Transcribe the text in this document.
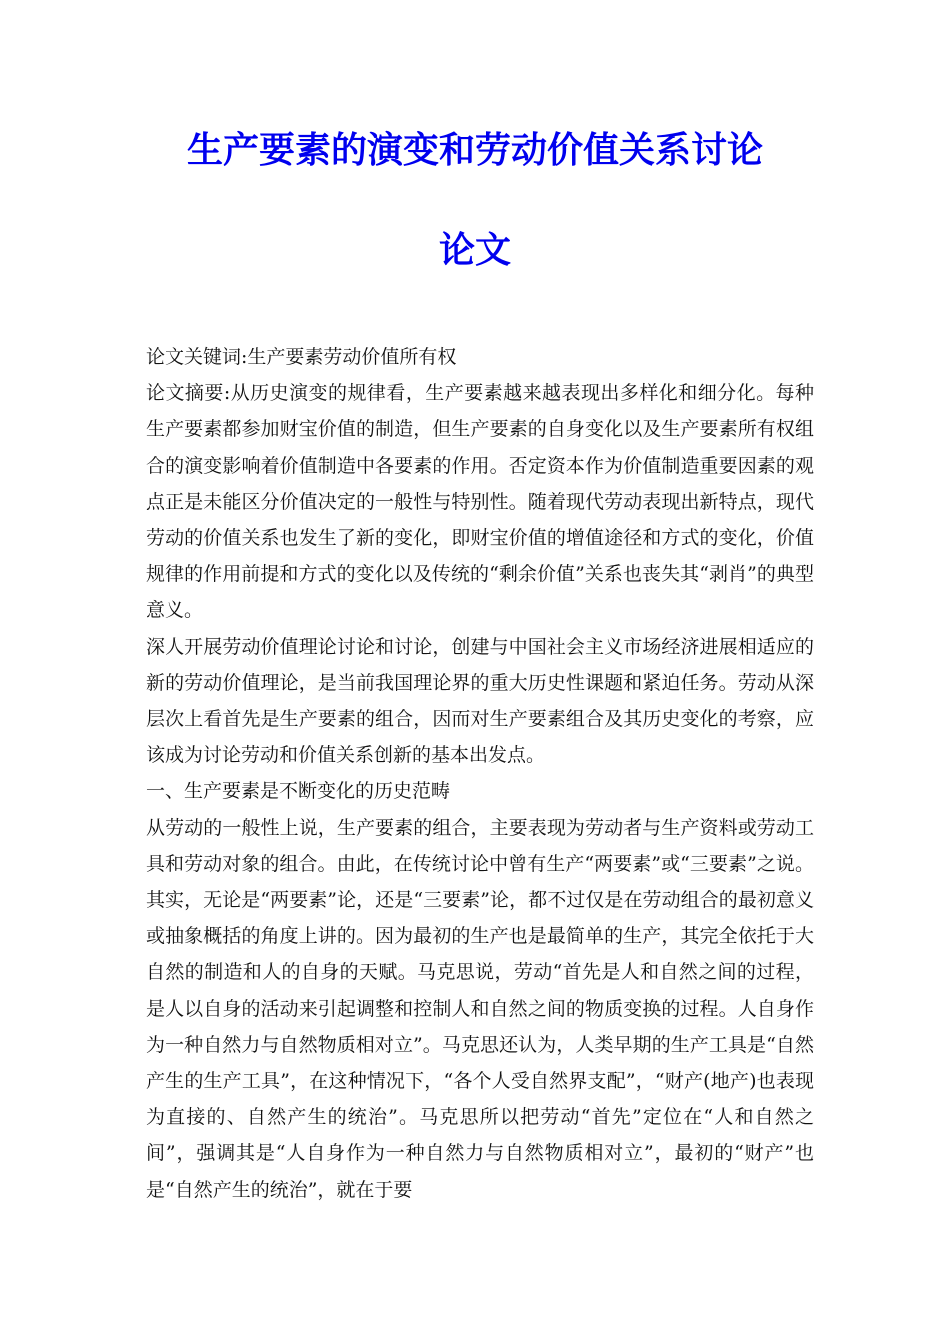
生产要素的演变和劳动价值关系讨论
论文

论文关键词:生产要素劳动价值所有权

论文摘要:从历史演变的规律看，生产要素越来越表现出多样化和细分化。每种生产要素都参加财宝价值的制造，但生产要素的自身变化以及生产要素所有权组合的演变影响着价值制造中各要素的作用。否定资本作为价值制造重要因素的观点正是未能区分价值决定的一般性与特别性。随着现代劳动表现出新特点，现代劳动的价值关系也发生了新的变化，即财宝价值的增值途径和方式的变化，价值规律的作用前提和方式的变化以及传统的“剩余价值”关系也丧失其“剥肖”的典型意义。

深人开展劳动价值理论讨论和讨论，创建与中国社会主义市场经济进展相适应的新的劳动价值理论，是当前我国理论界的重大历史性课题和紧迫任务。劳动从深层次上看首先是生产要素的组合，因而对生产要素组合及其历史变化的考察，应该成为讨论劳动和价值关系创新的基本出发点。

一、生产要素是不断变化的历史范畴

从劳动的一般性上说，生产要素的组合，主要表现为劳动者与生产资料或劳动工具和劳动对象的组合。由此，在传统讨论中曾有生产“两要素”或“三要素”之说。其实，无论是“两要素”论，还是“三要素”论，都不过仅是在劳动组合的最初意义或抽象概括的角度上讲的。因为最初的生产也是最简单的生产，其完全依托于大自然的制造和人的自身的天赋。马克思说，劳动“首先是人和自然之间的过程，是人以自身的活动来引起调整和控制人和自然之间的物质变换的过程。人自身作为一种自然力与自然物质相对立”。马克思还认为，人类早期的生产工具是“自然产生的生产工具”，在这种情况下，“各个人受自然界支配”，“财产(地产)也表现为直接的、自然产生的统治”。马克思所以把劳动“首先”定位在“人和自然之间”，强调其是“人自身作为一种自然力与自然物质相对立”，最初的“财产”也是“自然产生的统治”，就在于要
